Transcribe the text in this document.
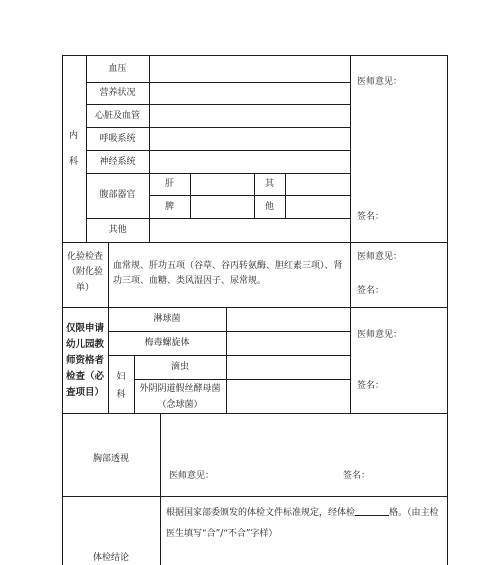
内
科
血压
营养状况
心脏及血管
呼吸系统
神经系统
腹部器官
肝
脾
其
他
其他
医师意见：
签名：
化验检查
（附化验
单）
血常规、肝功五项（谷草、谷丙转氨酶、胆红素三项）、肾
功三项、血糖、类风湿因子、尿常规。
医师意见：
签名：
仅限申请
幼儿园教
师资格者
检查（必
查项目）
淋球菌
梅毒螺旋体
妇
科
滴虫
外阴阴道假丝酵母菌
（念球菌）
医师意见：
签名：
胸部透视
医师意见：	签名：
体检结论
根据国家部委颁发的体检文件标准规定，经体检	格。（由主检
医生填写“合”/“不合”字样）
